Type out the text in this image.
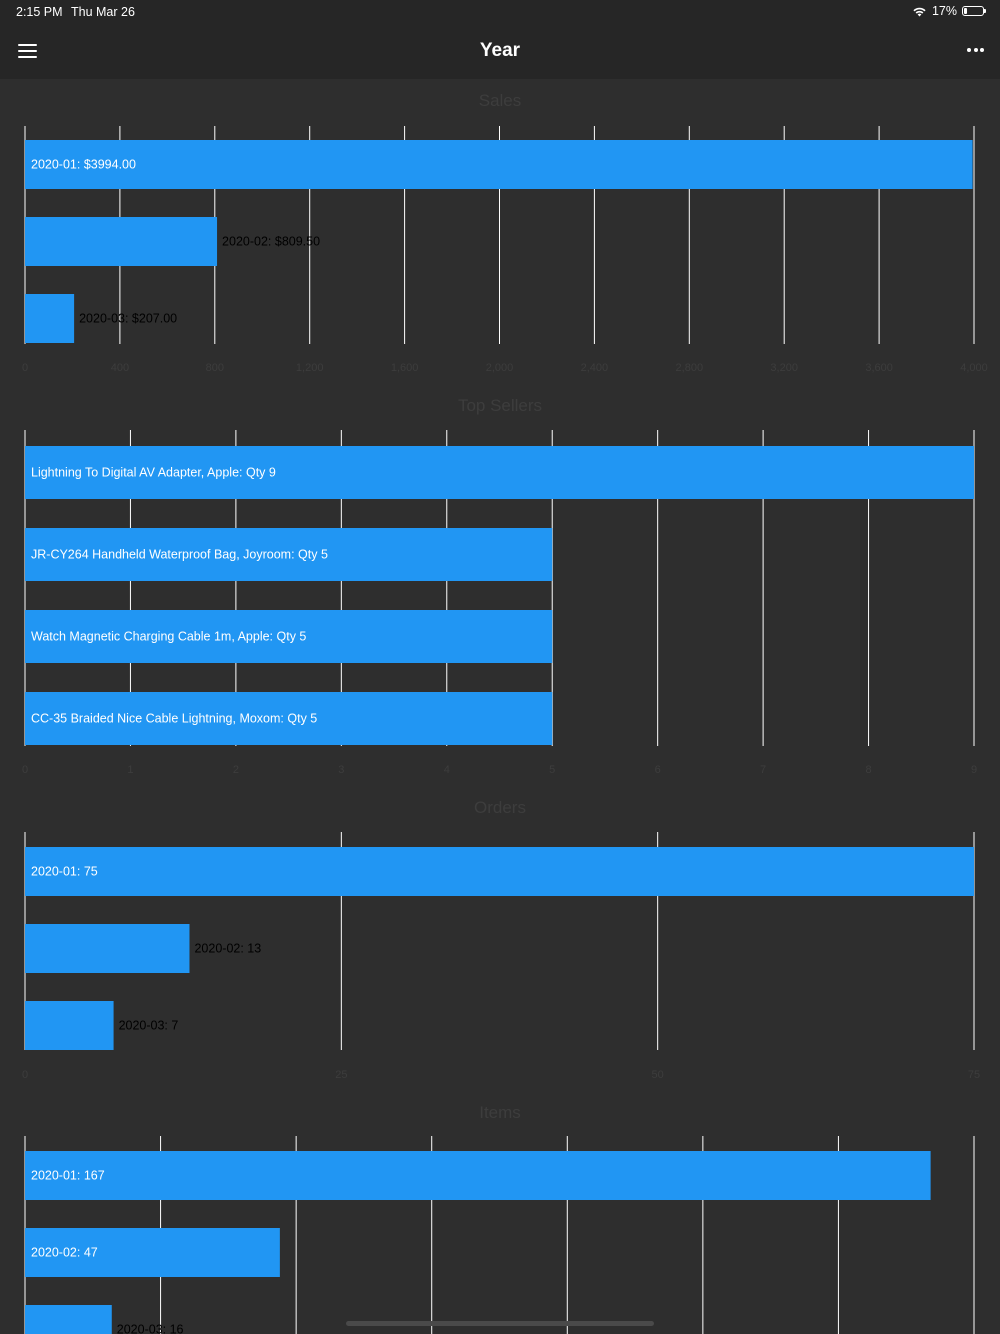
2:15 PM Thu Mar 26	17%
Year
Sales
2020-01: $3994.00
2020-02: $809.50
2020-03: $207.00
0	400	800	1,200	1,600	2,000	2,400	2,800	3,200	3,600	4,000
Top Sellers
Lightning To Digital AV Adapter, Apple: Qty 9
JR-CY264 Handheld Waterproof Bag, Joyroom: Qty 5
Watch Magnetic Charging Cable 1m, Apple: Qty 5
CC-35 Braided Nice Cable Lightning, Moxom: Qty 5
0	1	2	3	4	5	6	7	8	9
Orders
2020-01: 75
2020-02: 13
2020-03: 7
0	25	50	75
Items
2020-01: 167
2020-02: 47
2020-03: 16
